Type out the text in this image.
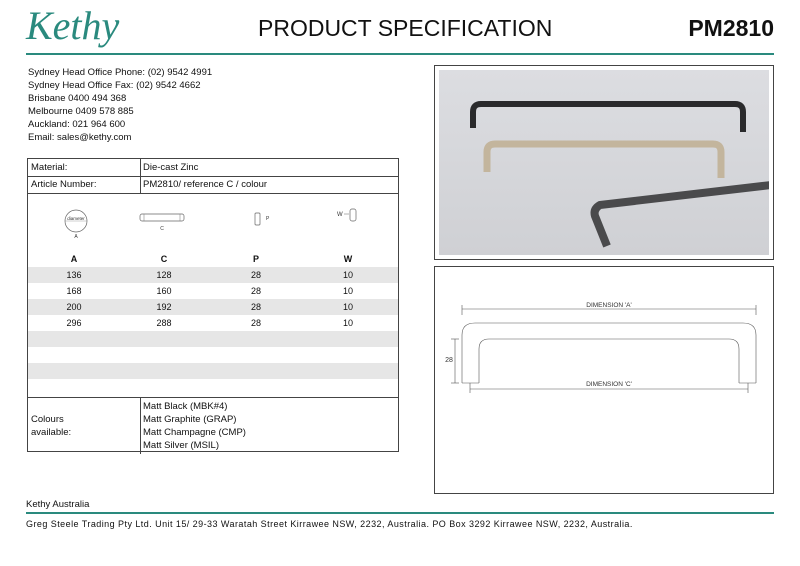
Kethy	PRODUCT SPECIFICATION	PM2810
Sydney Head Office Phone: (02) 9542 4991
Sydney Head Office Fax: (02) 9542 4662
Brisbane 0400 494 368
Melbourne 0409 578 885
Auckland: 021 964 600
Email: sales@kethy.com
Material:	Die-cast Zinc
Article Number:	PM2810/ reference C / colour
diameter
A
C
P
W
A	C	P	W
136	128	28	10
168	160	28	10
200	192	28	10
296	288	28	10
Colours
available:
Matt Black (MBK#4)
Matt Graphite (GRAP)
Matt Champagne (CMP)
Matt Silver (MSIL)
DIMENSION 'A'
DIMENSION 'C'
28
Kethy Australia
Greg Steele Trading Pty Ltd. Unit 15/ 29-33 Waratah Street Kirrawee NSW, 2232, Australia. PO Box 3292 Kirrawee NSW, 2232, Australia.
